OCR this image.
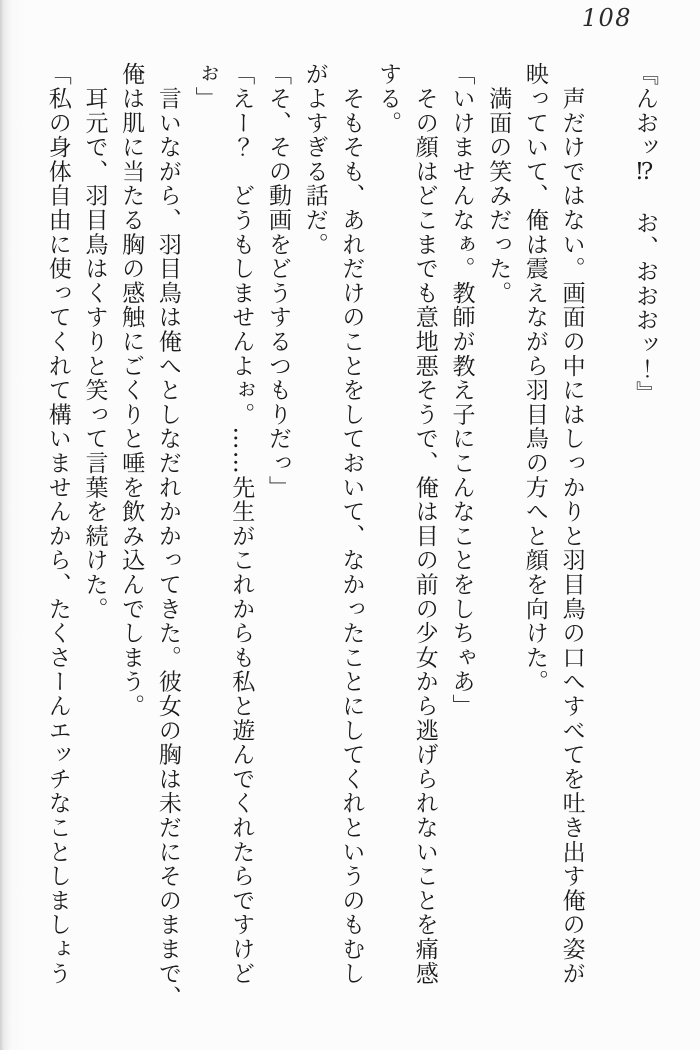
108
『んおッ⁉　お、おおおッ！』
　声だけではない。画面の中にはしっかりと羽目鳥の口へすべてを吐き出す俺の姿が
映っていて、俺は震えながら羽目鳥の方へと顔を向けた。
　満面の笑みだった。
「いけませんなぁ。教師が教え子にこんなことをしちゃあ」
　その顔はどこまでも意地悪そうで、俺は目の前の少女から逃げられないことを痛感
する。
　そもそも、あれだけのことをしておいて、なかったことにしてくれというのもむし
がよすぎる話だ。
「そ、その動画をどうするつもりだっ」
「えー？　どうもしませんよぉ。……先生がこれからも私と遊んでくれたらですけど
ぉ」
　言いながら、羽目鳥は俺へとしなだれかかってきた。彼女の胸は未だにそのままで、
俺は肌に当たる胸の感触にごくりと唾を飲み込んでしまう。
　耳元で、羽目鳥はくすりと笑って言葉を続けた。
「私の身体自由に使ってくれて構いませんから、たくさーんエッチなことしましょう
